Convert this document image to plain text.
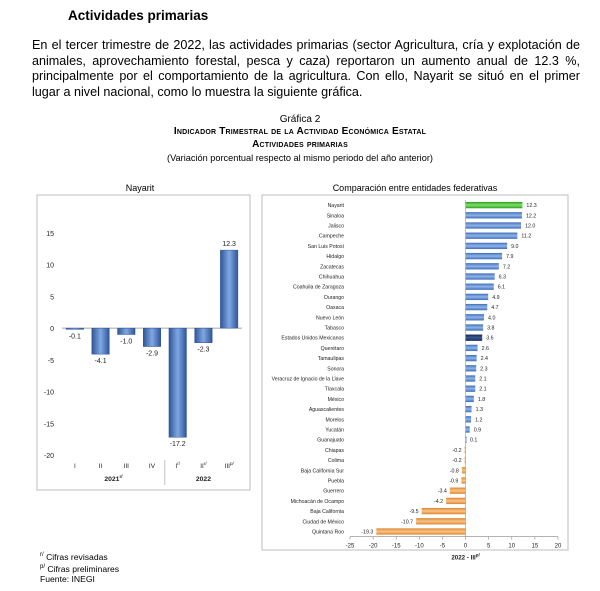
Actividades primarias
En el tercer trimestre de 2022, las actividades primarias (sector Agricultura, cría y explotación de animales, aprovechamiento forestal, pesca y caza) reportaron un aumento anual de 12.3 %, principalmente por el comportamiento de la agricultura. Con ello, Nayarit se situó en el primer lugar a nivel nacional, como lo muestra la siguiente gráfica.
Gráfica 2
Indicador Trimestral de la Actividad Económica Estatal
Actividades primarias
(Variación porcentual respecto al mismo periodo del año anterior)
Nayarit	Comparación entre entidades federativas
-20
-15
-10
-5
0
5
10
15
-0.1
I
-4.1
II
-1.0
III
-2.9
IV
-17.2
$I^{r/}$
-2.3
$II^{r/}$
12.3
$III^{p/}$
$2021^{r/}$	2022
Nayarit	12.3
Sinaloa	12.2
Jalisco	12.0
Campeche	11.2
San Luis Potosí	9.0
Hidalgo	7.9
Zacatecas	7.2
Chihuahua	6.3
Coahuila de Zaragoza	6.1
Durango	4.9
Oaxaca	4.7
Nuevo León	4.0
Tabasco	3.8
Estados Unidos Mexicanos	3.6
Querétaro	2.6
Tamaulipas	2.4
Sonora	2.3
Veracruz de Ignacio de la Llave	2.1
Tlaxcala	2.1
México	1.8
Aguascalientes	1.3
Morelos	1.2
Yucatán	0.9
Guanajuato	0.1
Chiapas	-0.2
Colima	-0.2
Baja California Sur	-0.8
Puebla	-0.9
Guerrero	-3.4
Michoacán de Ocampo	-4.2
Baja California	-9.5
Ciudad de México	-10.7
Quintana Roo	-19.3
-25 -20 -15 -10	-5	0	5	10	15	20
$2022 - III^{p/}$
$^{r/}$ Cifras revisadas
$^{p/}$ Cifras preliminares
Fuente: INEGI
